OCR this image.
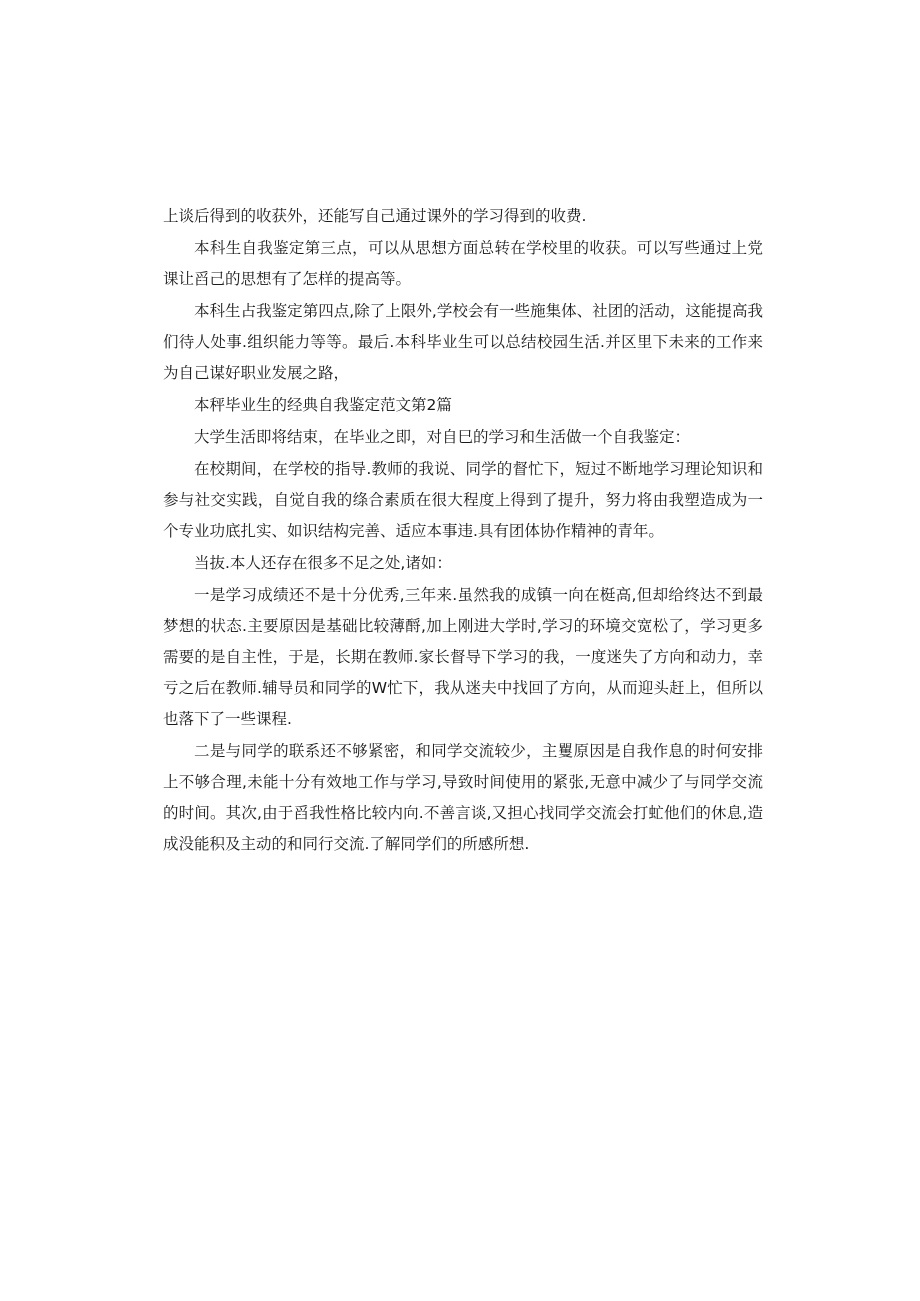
上谈后得到的收获外，还能写自己通过课外的学习得到的收费.

本科生自我鉴定第三点，可以从思想方面总转在学校里的收获。可以写些通过上党课让舀己的思想有了怎样的提高等。

本科生占我鉴定第四点,除了上限外,学校会有一些施集体、社团的活动，这能提高我们待人处事.组织能力等等。最后.本科毕业生可以总结校园生活.并区里下未来的工作来为自己谋好职业发展之路，

本秤毕业生的经典自我鉴定范文第2篇

大学生活即将结束，在毕业之即，对自巳的学习和生活做一个自我鉴定：

在校期间，在学校的指导.教师的我说、同学的督忙下，短过不断地学习理论知识和参与社交实践，自觉自我的绦合素质在很大程度上得到了提升，努力将由我塑造成为一个专业功底扎实、如识结构完善、适应本事违.具有团体协作精神的青年。

当抜.本人还存在很多不足之处,诸如：

一是学习成绩还不是十分优秀,三年来.虽然我的成镇一向在梃高,但却给终达不到最梦想的状态.主要原因是基础比较薄酹,加上刚进大学时,学习的环境交宽松了，学习更多需要的是自主性，于是，长期在教师.家长督导下学习的我，一度迷失了方向和动力，幸亏之后在教师.辅导员和同学的W忙下，我从迷夫中找回了方向，从而迎头赶上，但所以也落下了一些课程.

二是与同学的联系还不够紧密，和同学交流较少，主矍原因是自我作息的时何安排上不够合理,未能十分有效地工作与学习,导致时间使用的紧张,无意中减少了与同学交流的时间。其次,由于舀我性格比较内向.不善言谈,又担心找同学交流会打虻他们的休息,造成没能积及主动的和同行交流.了解同学们的所感所想.
